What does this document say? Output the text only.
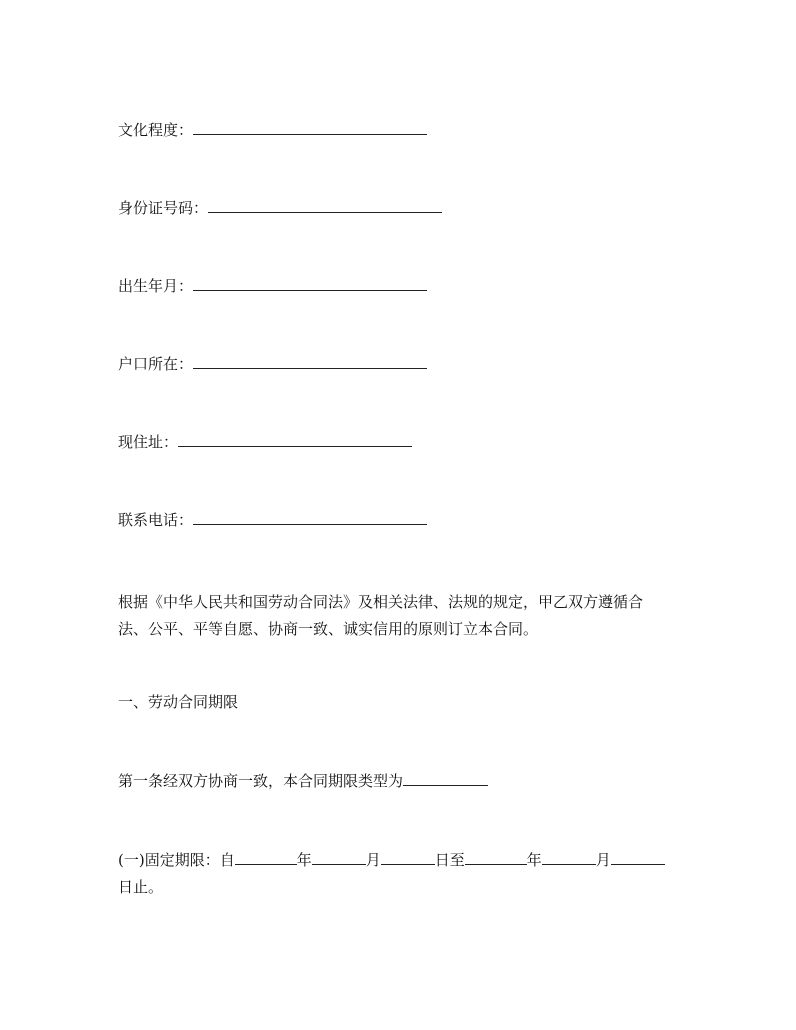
文化程度：
身份证号码：
出生年月：
户口所在：
现住址：
联系电话：
根据《中华人民共和国劳动合同法》及相关法律、法规的规定，甲乙双方遵循合
法、公平、平等自愿、协商一致、诚实信用的原则订立本合同。
一、劳动合同期限
第一条经双方协商一致，本合同期限类型为
(一)固定期限：自	年	月	日至	年	月
日止。
